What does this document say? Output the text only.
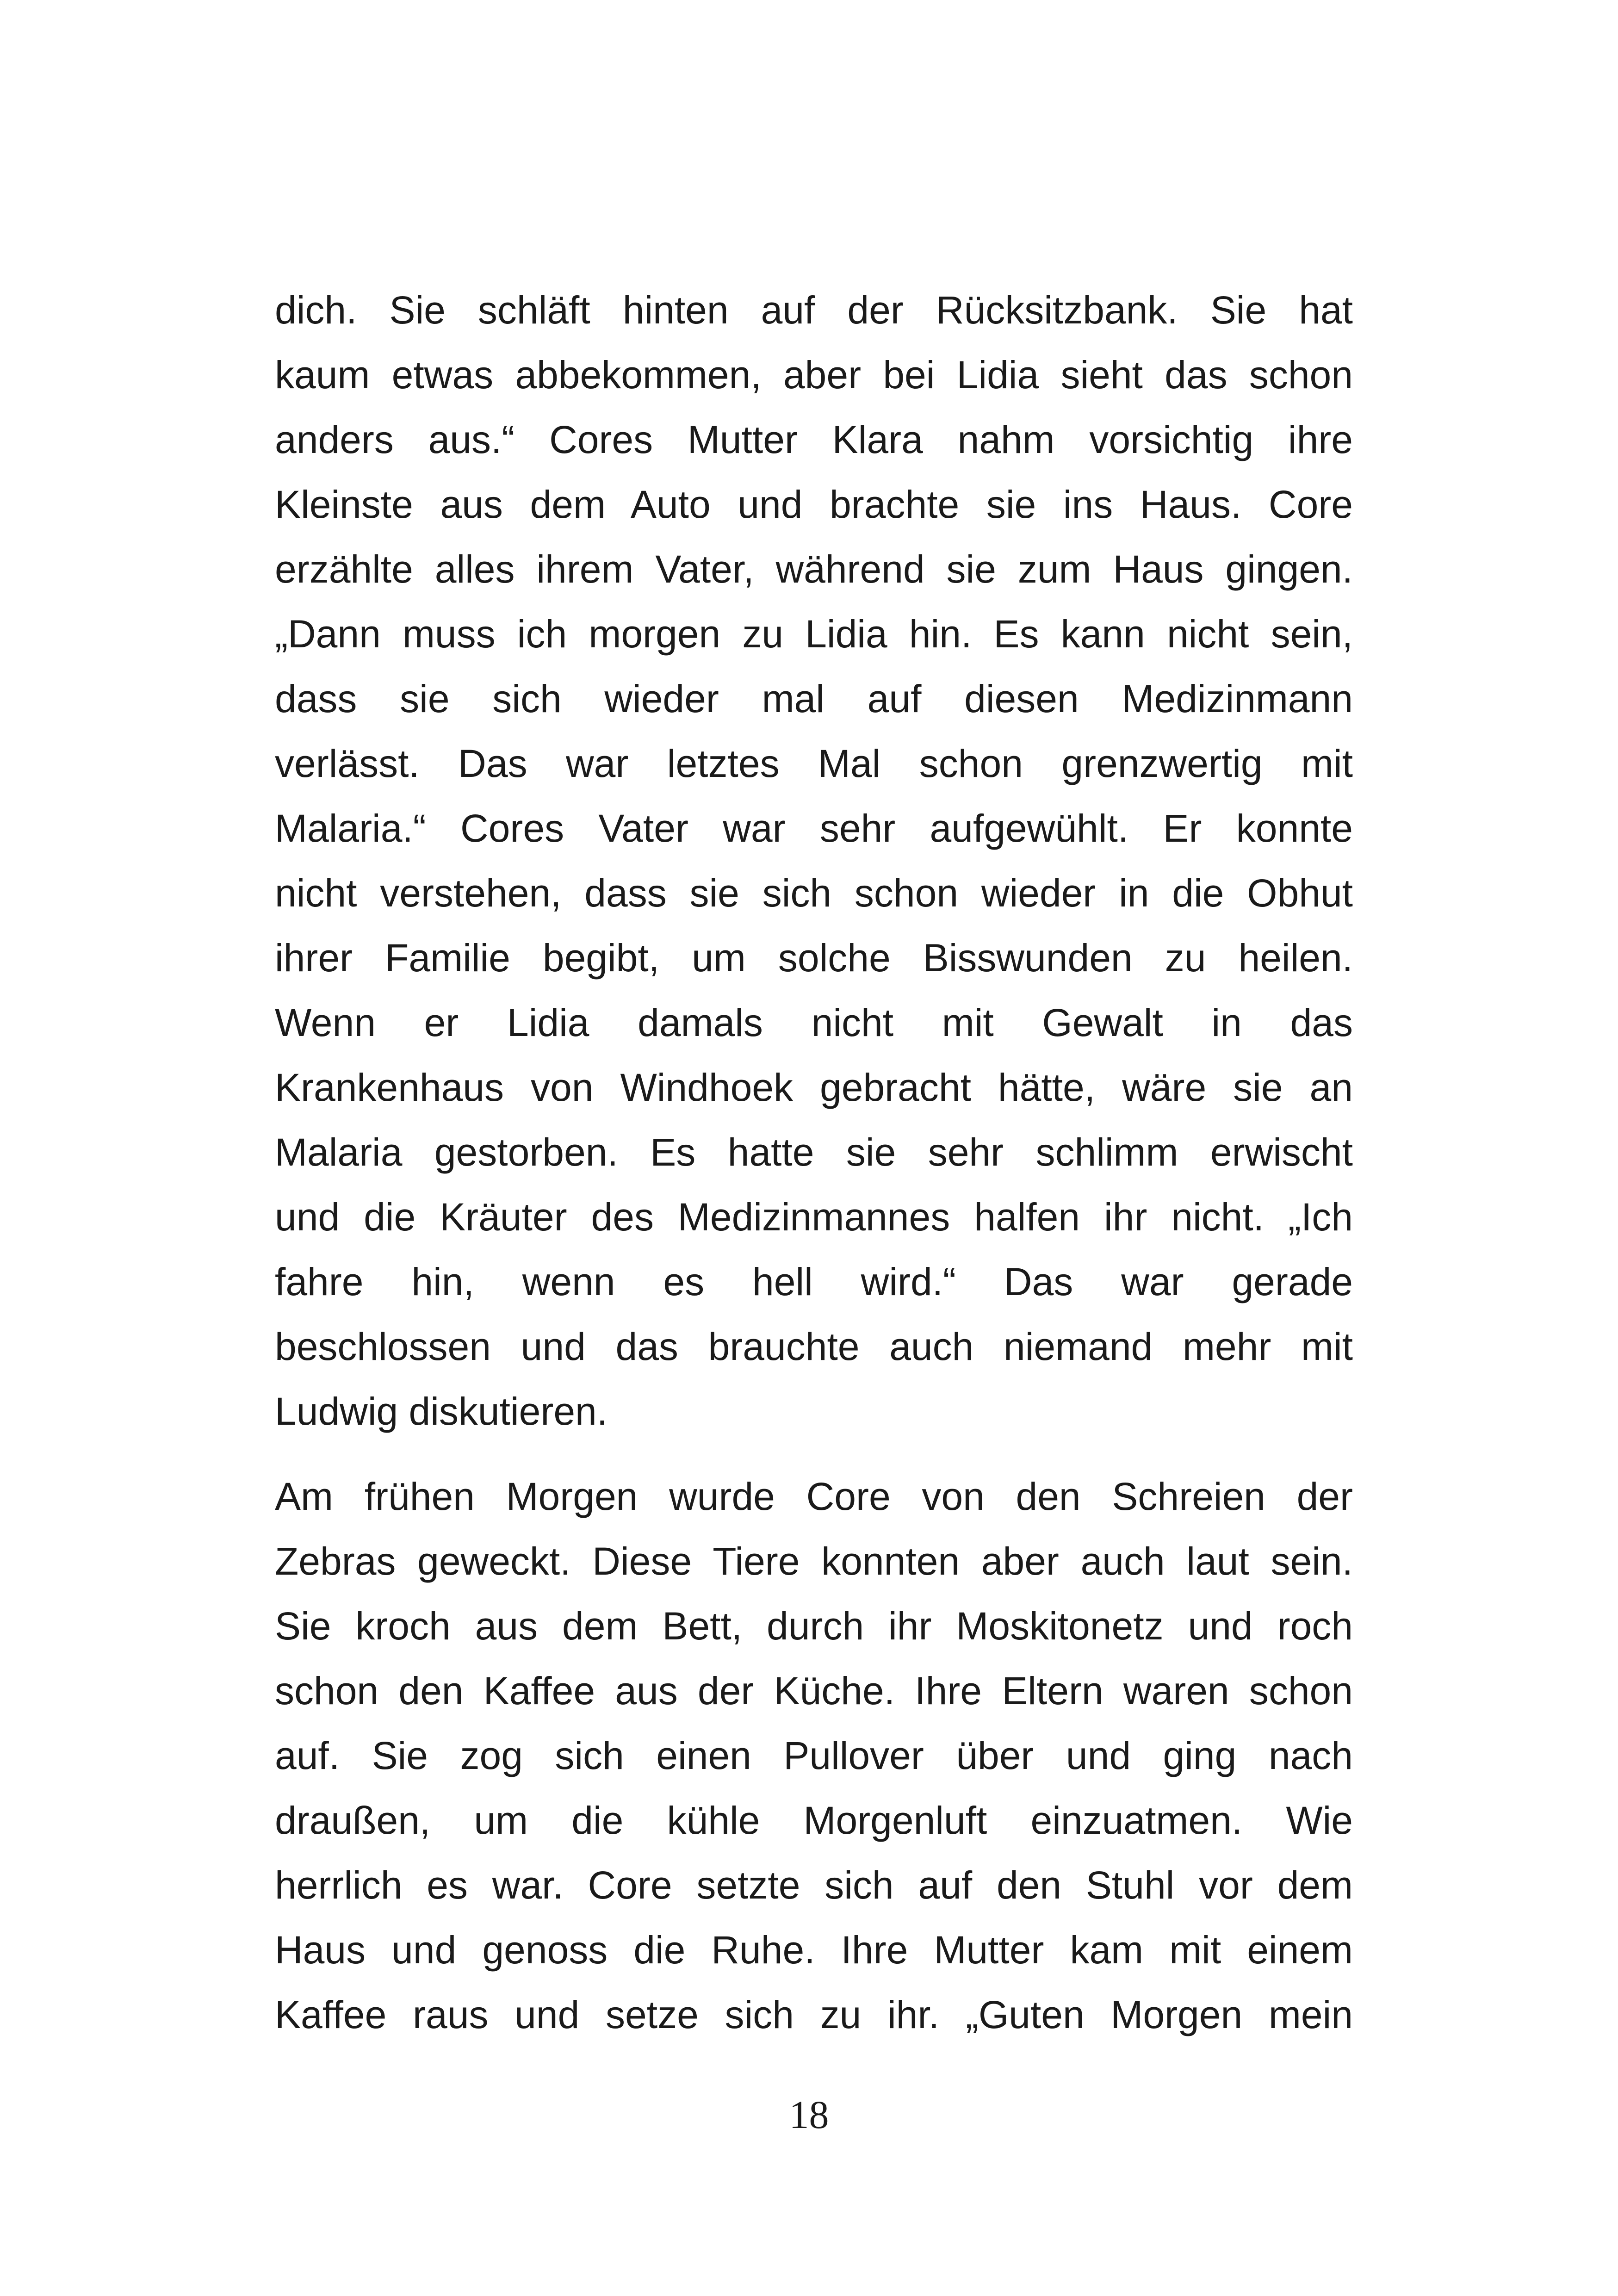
dich. Sie schläft hinten auf der Rücksitzbank. Sie hat
kaum etwas abbekommen, aber bei Lidia sieht das schon
anders aus.“ Cores Mutter Klara nahm vorsichtig ihre
Kleinste aus dem Auto und brachte sie ins Haus. Core
erzählte alles ihrem Vater, während sie zum Haus gingen.
„Dann muss ich morgen zu Lidia hin. Es kann nicht sein,
dass sie sich wieder mal auf diesen Medizinmann
verlässt. Das war letztes Mal schon grenzwertig mit
Malaria.“ Cores Vater war sehr aufgewühlt. Er konnte
nicht verstehen, dass sie sich schon wieder in die Obhut
ihrer Familie begibt, um solche Bisswunden zu heilen.
Wenn er Lidia damals nicht mit Gewalt in das
Krankenhaus von Windhoek gebracht hätte, wäre sie an
Malaria gestorben. Es hatte sie sehr schlimm erwischt
und die Kräuter des Medizinmannes halfen ihr nicht. „Ich
fahre hin, wenn es hell wird.“ Das war gerade
beschlossen und das brauchte auch niemand mehr mit
Ludwig diskutieren.

Am frühen Morgen wurde Core von den Schreien der
Zebras geweckt. Diese Tiere konnten aber auch laut sein.
Sie kroch aus dem Bett, durch ihr Moskitonetz und roch
schon den Kaffee aus der Küche. Ihre Eltern waren schon
auf. Sie zog sich einen Pullover über und ging nach
draußen, um die kühle Morgenluft einzuatmen. Wie
herrlich es war. Core setzte sich auf den Stuhl vor dem
Haus und genoss die Ruhe. Ihre Mutter kam mit einem
Kaffee raus und setze sich zu ihr. „Guten Morgen mein

18
